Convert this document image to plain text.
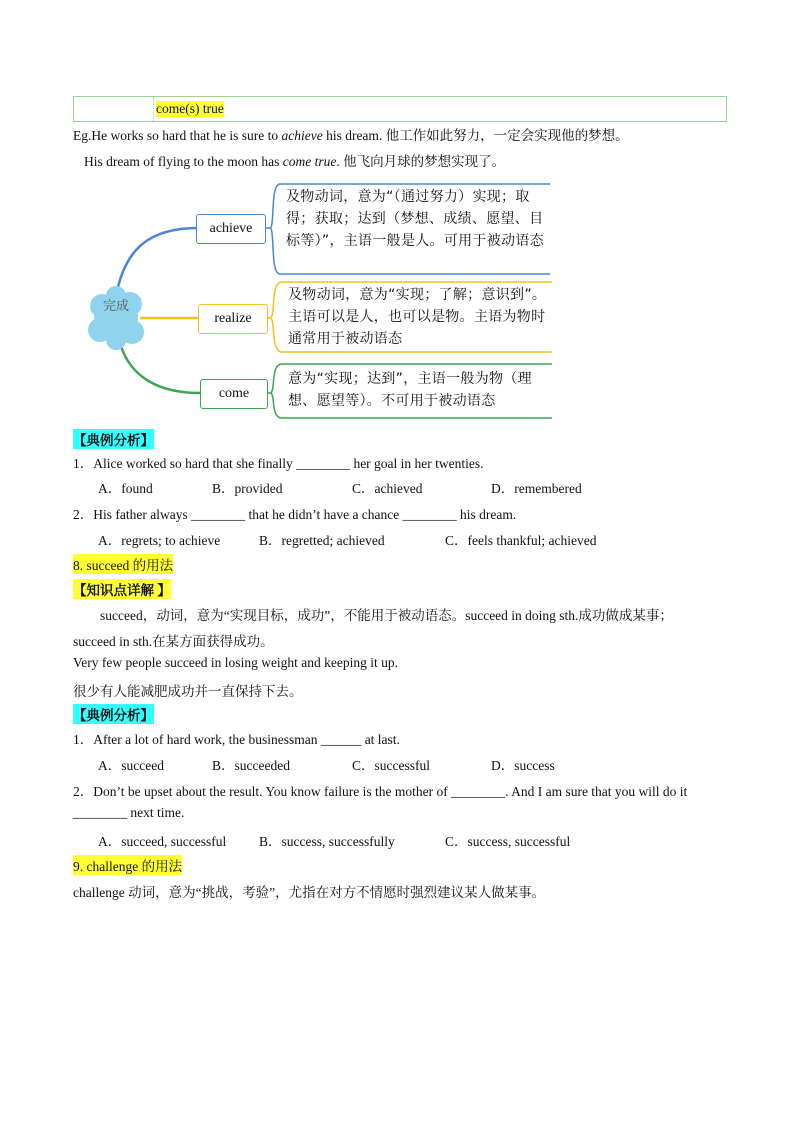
come(s) true
Eg.He works so hard that he is sure to achieve his dream. 他工作如此努力，一定会实现他的梦想。
His dream of flying to the moon has come true. 他飞向月球的梦想实现了。
完成
achieve
realize
come
及物动词，意为“（通过努力）实现；取得；获取；达到（梦想、成绩、愿望、目标等）”，主语一般是人。可用于被动语态
及物动词，意为“实现；了解；意识到”。主语可以是人，也可以是物。主语为物时通常用于被动语态
意为“实现；达到”，主语一般为物（理想、愿望等）。不可用于被动语态
【典例分析】
1．Alice worked so hard that she finally ________ her goal in her twenties.
A．found	B．provided	C．achieved	D．remembered
2．His father always ________ that he didn’t have a chance ________ his dream.
A．regrets; to achieve	B．regretted; achieved	C．feels thankful; achieved
8. succeed 的用法
【知识点详解 】
succeed，动词，意为“实现目标，成功”，不能用于被动语态。succeed in doing sth.成功做成某事；
succeed in sth.在某方面获得成功。
Very few people succeed in losing weight and keeping it up.
很少有人能减肥成功并一直保持下去。
【典例分析】
1．After a lot of hard work, the businessman ______ at last.
A．succeed	B．succeeded	C．successful	D．success
2．Don’t be upset about the result. You know failure is the mother of ________. And I am sure that you will do it
________ next time.
A．succeed, successful B．success, successfully	C．success, successful
9. challenge 的用法
challenge 动词，意为“挑战，考验”，尤指在对方不情愿时强烈建议某人做某事。
